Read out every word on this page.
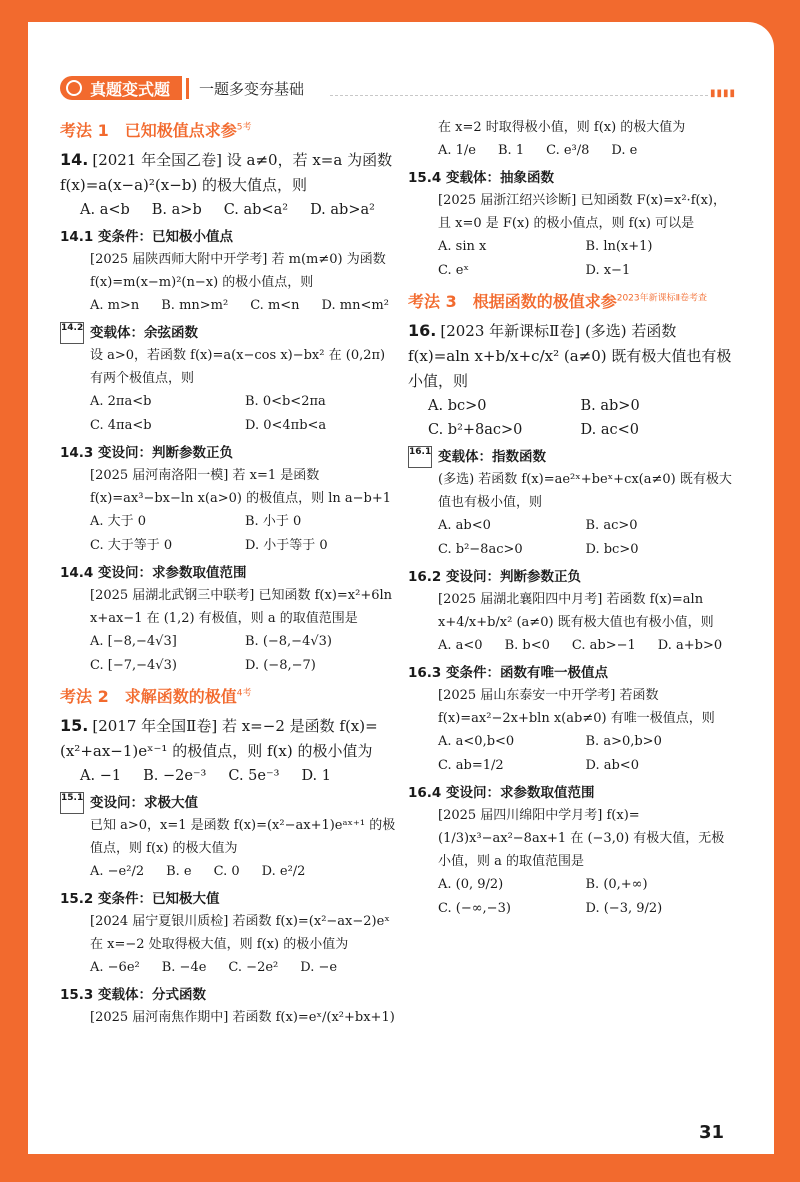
真题变式题	一题多变夯基础	▮▮▮▮
考法 1　已知极值点求参$^{5考}$
14. [2021 年全国乙卷] 设 a≠0，若 x=a 为函数 f(x)=a(x−a)²(x−b) 的极大值点，则
A. a<b B. a>b C. ab<a² D. ab>a²
14.1 变条件：已知极小值点
[2025 届陕西师大附中开学考] 若 m(m≠0) 为函数 f(x)=m(x−m)²(n−x) 的极小值点，则
A. m>n B. mn>m² C. m<n D. mn<m²
14.2 变载体：余弦函数
设 a>0，若函数 f(x)=a(x−cos x)−bx² 在 (0,2π) 有两个极值点，则
A. 2πa<b	B. 0<b<2πa
C. 4πa<b	D. 0<4πb<a
14.3 变设问：判断参数正负
[2025 届河南洛阳一模] 若 x=1 是函数 f(x)=ax³−bx−ln x(a>0) 的极值点，则 ln a−b+1
A. 大于 0	B. 小于 0
C. 大于等于 0	D. 小于等于 0
14.4 变设问：求参数取值范围
[2025 届湖北武钢三中联考] 已知函数 f(x)=x²+6ln x+ax−1 在 (1,2) 有极值，则 a 的取值范围是
A. [−8,−4√3]	B. (−8,−4√3)
C. [−7,−4√3)	D. (−8,−7)
考法 2　求解函数的极值$^{4考}$
15. [2017 年全国Ⅱ卷] 若 x=−2 是函数 f(x)=(x²+ax−1)eˣ⁻¹ 的极值点，则 f(x) 的极小值为
A. −1 B. −2e⁻³ C. 5e⁻³ D. 1
15.1 变设问：求极大值
已知 a>0，x=1 是函数 f(x)=(x²−ax+1)eᵃˣ⁺¹ 的极值点，则 f(x) 的极大值为
A. −e²/2 B. e C. 0 D. e²/2
15.2 变条件：已知极大值
[2024 届宁夏银川质检] 若函数 f(x)=(x²−ax−2)eˣ 在 x=−2 处取得极大值，则 f(x) 的极小值为
A. −6e² B. −4e C. −2e² D. −e
15.3 变载体：分式函数
[2025 届河南焦作期中] 若函数 f(x)=eˣ/(x²+bx+1)
在 x=2 时取得极小值，则 f(x) 的极大值为
A. 1/e B. 1 C. e³/8 D. e
15.4 变载体：抽象函数
[2025 届浙江绍兴诊断] 已知函数 F(x)=x²·f(x)，且 x=0 是 F(x) 的极小值点，则 f(x) 可以是
A. sin x	B. ln(x+1)
C. eˣ	D. x−1
考法 3　根据函数的极值求参$^{2023年新课标Ⅱ卷考查}$
16. [2023 年新课标Ⅱ卷] (多选) 若函数 f(x)=aln x+b/x+c/x² (a≠0) 既有极大值也有极小值，则
A. bc>0	B. ab>0
C. b²+8ac>0	D. ac<0
16.1 变载体：指数函数
(多选) 若函数 f(x)=ae²ˣ+beˣ+cx(a≠0) 既有极大值也有极小值，则
A. ab<0	B. ac>0
C. b²−8ac>0	D. bc>0
16.2 变设问：判断参数正负
[2025 届湖北襄阳四中月考] 若函数 f(x)=aln x+4/x+b/x² (a≠0) 既有极大值也有极小值，则
A. a<0 B. b<0 C. ab>−1 D. a+b>0
16.3 变条件：函数有唯一极值点
[2025 届山东泰安一中开学考] 若函数 f(x)=ax²−2x+bln x(ab≠0) 有唯一极值点，则
A. a<0,b<0	B. a>0,b>0
C. ab=1/2	D. ab<0
16.4 变设问：求参数取值范围
[2025 届四川绵阳中学月考] f(x)=(1/3)x³−ax²−8ax+1 在 (−3,0) 有极大值，无极小值，则 a 的取值范围是
A. (0, 9/2)	B. (0,+∞)
C. (−∞,−3)	D. (−3, 9/2)
31
